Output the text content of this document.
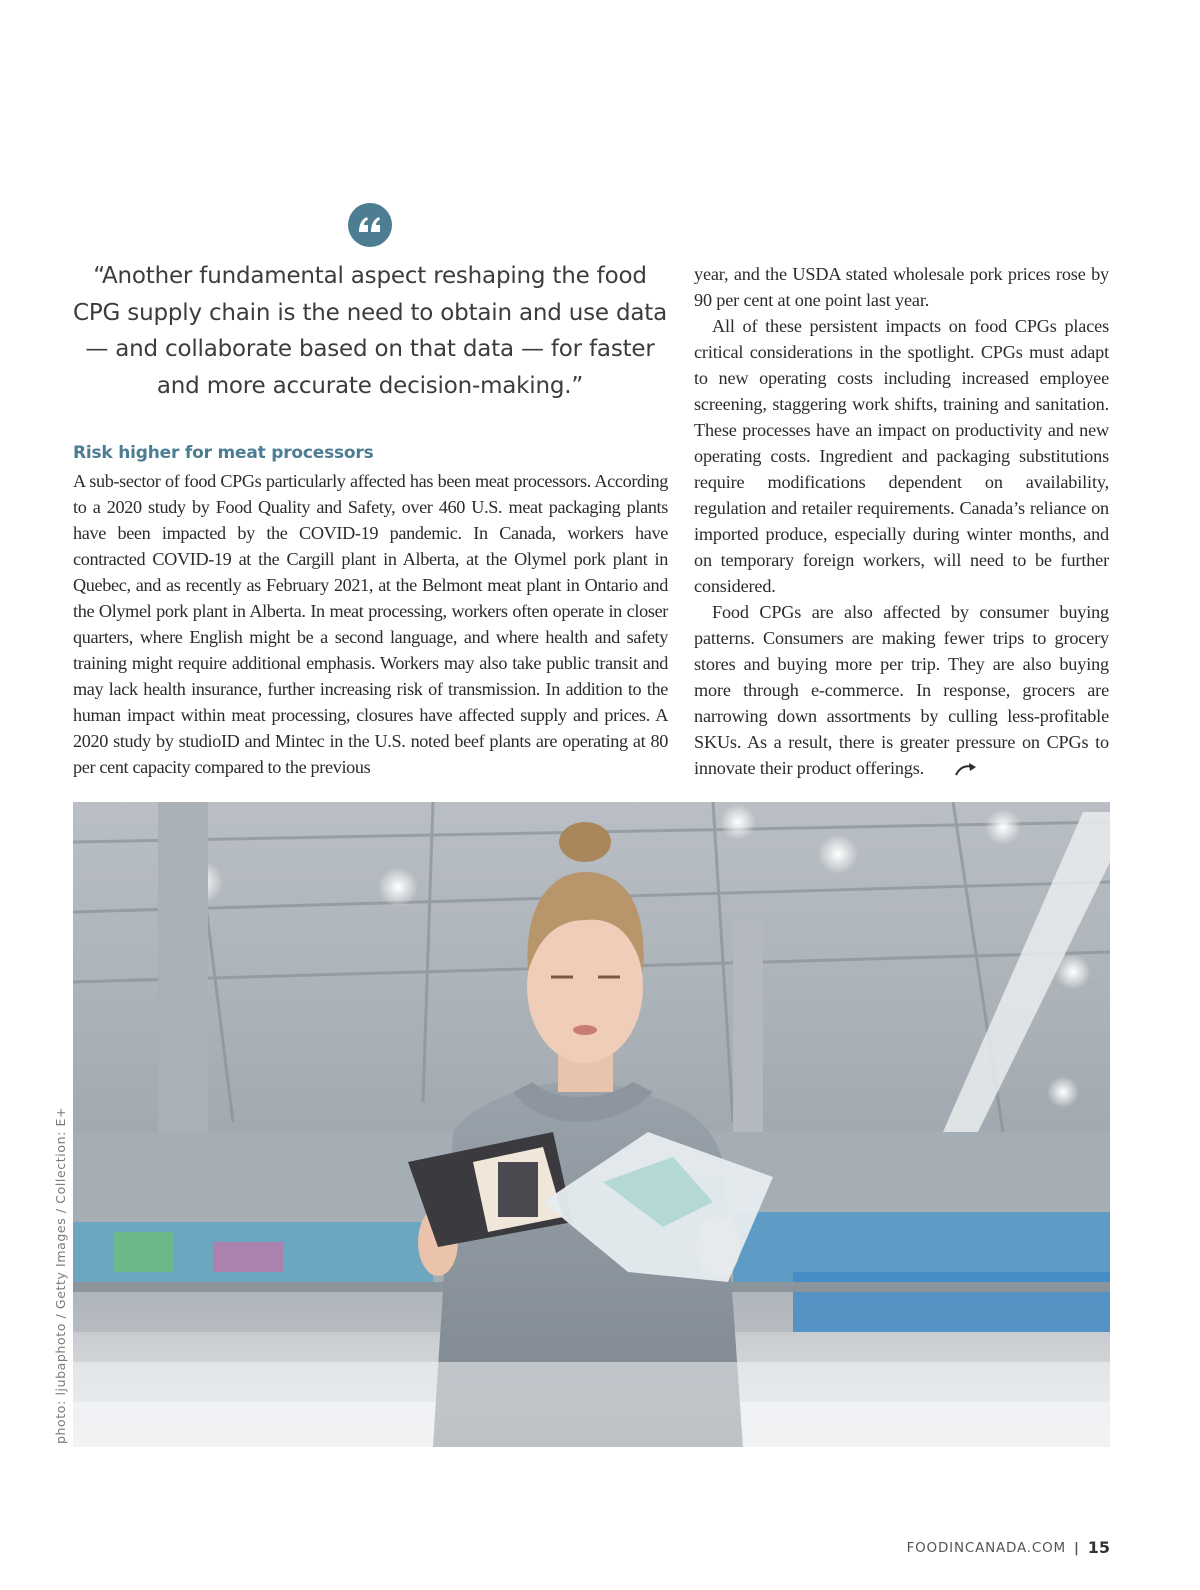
“Another fundamental aspect reshaping the food CPG supply chain is the need to obtain and use data — and collaborate based on that data — for faster and more accurate decision-making.”
Risk higher for meat processors

A sub-sector of food CPGs particularly affected has been meat processors. According to a 2020 study by Food Quality and Safety, over 460 U.S. meat packaging plants have been impacted by the COVID-19 pandemic. In Canada, workers have contracted COVID-19 at the Cargill plant in Alberta, at the Olymel pork plant in Quebec, and as recently as February 2021, at the Belmont meat plant in Ontario and the Olymel pork plant in Alberta. In meat processing, workers often operate in closer quarters, where English might be a second language, and where health and safety training might require additional emphasis. Workers may also take public transit and may lack health insurance, further increasing risk of transmission. In addition to the human impact within meat processing, closures have affected supply and prices. A 2020 study by studioID and Mintec in the U.S. noted beef plants are operating at 80 per cent capacity compared to the previous

year, and the USDA stated wholesale pork prices rose by 90 per cent at one point last year.

All of these persistent impacts on food CPGs places critical considerations in the spotlight. CPGs must adapt to new operating costs including increased employee screening, staggering work shifts, training and sanitation. These processes have an impact on productivity and new operating costs. Ingredient and packaging substitutions require modifications dependent on availability, regulation and retailer requirements. Canada’s reliance on imported produce, especially during winter months, and on temporary foreign workers, will need to be further considered.

Food CPGs are also affected by consumer buying patterns. Consumers are making fewer trips to grocery stores and buying more per trip. They are also buying more through e-commerce. In response, grocers are narrowing down assortments by culling less-profitable SKUs. As a result, there is greater pressure on CPGs to innovate their product offerings.

photo: ljubaphoto / Getty Images / Collection: E+
FOODINCANADA.COM | 15
